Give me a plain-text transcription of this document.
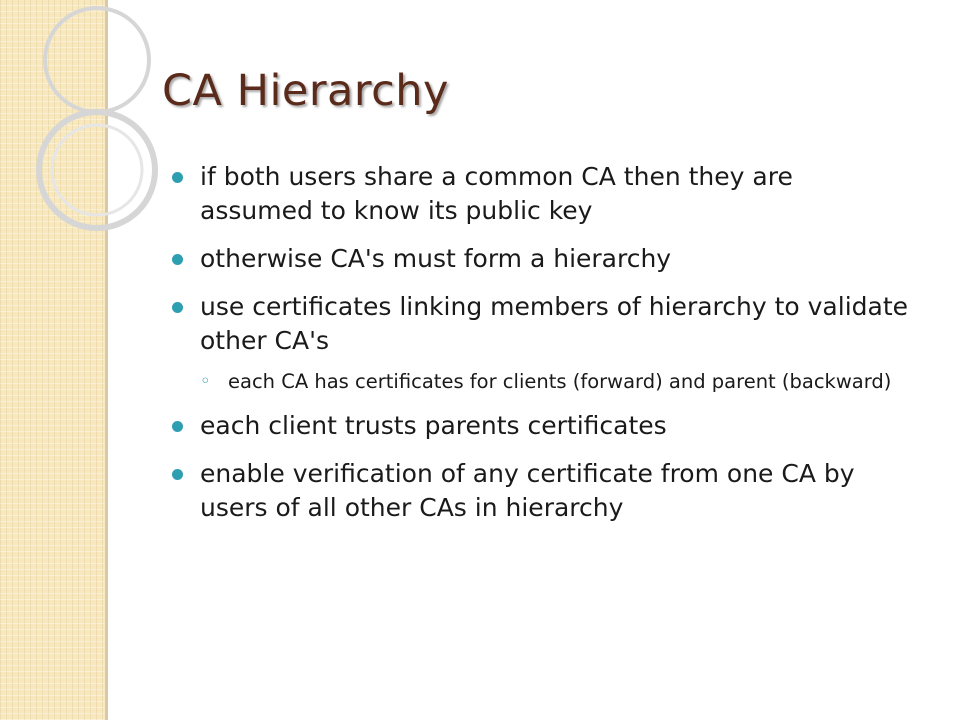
CA Hierarchy
if both users share a common CA then they are assumed to know its public key
otherwise CA's must form a hierarchy
use certificates linking members of hierarchy to validate other CA's
◦ each CA has certificates for clients (forward) and parent (backward)
each client trusts parents certificates
enable verification of any certificate from one CA by users of all other CAs in hierarchy
